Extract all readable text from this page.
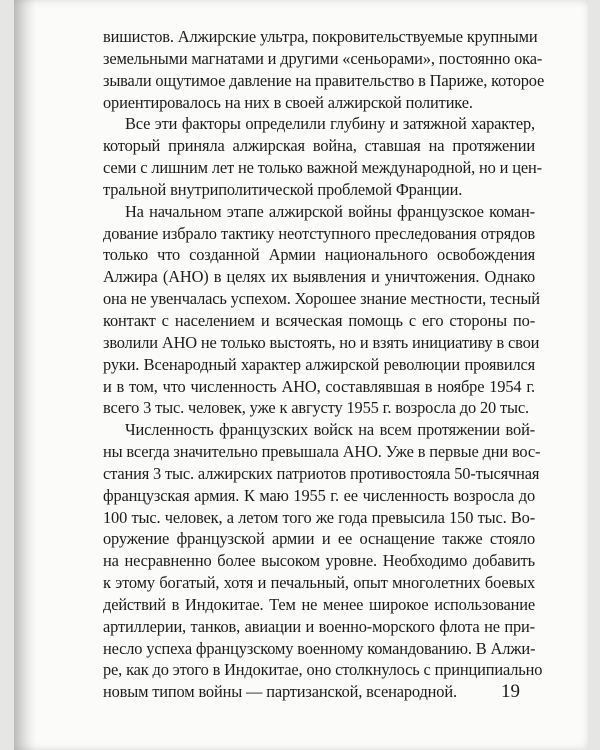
вишистов. Алжирские ультра, покровительствуемые крупными
земельными магнатами и другими «сеньорами», постоянно ока-
зывали ощутимое давление на правительство в Париже, которое
ориентировалось на них в своей алжирской политике.
Все эти факторы определили глубину и затяжной характер,
который приняла алжирская война, ставшая на протяжении
семи с лишним лет не только важной международной, но и цен-
тральной внутриполитической проблемой Франции.
На начальном этапе алжирской войны французское коман-
дование избрало тактику неотступного преследования отрядов
только что созданной Армии национального освобождения
Алжира (АНО) в целях их выявления и уничтожения. Однако
она не увенчалась успехом. Хорошее знание местности, тесный
контакт с населением и всяческая помощь с его стороны по-
зволили АНО не только выстоять, но и взять инициативу в свои
руки. Всенародный характер алжирской революции проявился
и в том, что численность АНО, составлявшая в ноябре 1954 г.
всего 3 тыс. человек, уже к августу 1955 г. возросла до 20 тыс.
Численность французских войск на всем протяжении вой-
ны всегда значительно превышала АНО. Уже в первые дни вос-
стания 3 тыс. алжирских патриотов противостояла 50-тысячная
французская армия. К маю 1955 г. ее численность возросла до
100 тыс. человек, а летом того же года превысила 150 тыс. Во-
оружение французской армии и ее оснащение также стояло
на несравненно более высоком уровне. Необходимо добавить
к этому богатый, хотя и печальный, опыт многолетних боевых
действий в Индокитае. Тем не менее широкое использование
артиллерии, танков, авиации и военно-морского флота не при-
несло успеха французскому военному командованию. В Алжи-
ре, как до этого в Индокитае, оно столкнулось с принципиально
новым типом войны — партизанской, всенародной.	19
